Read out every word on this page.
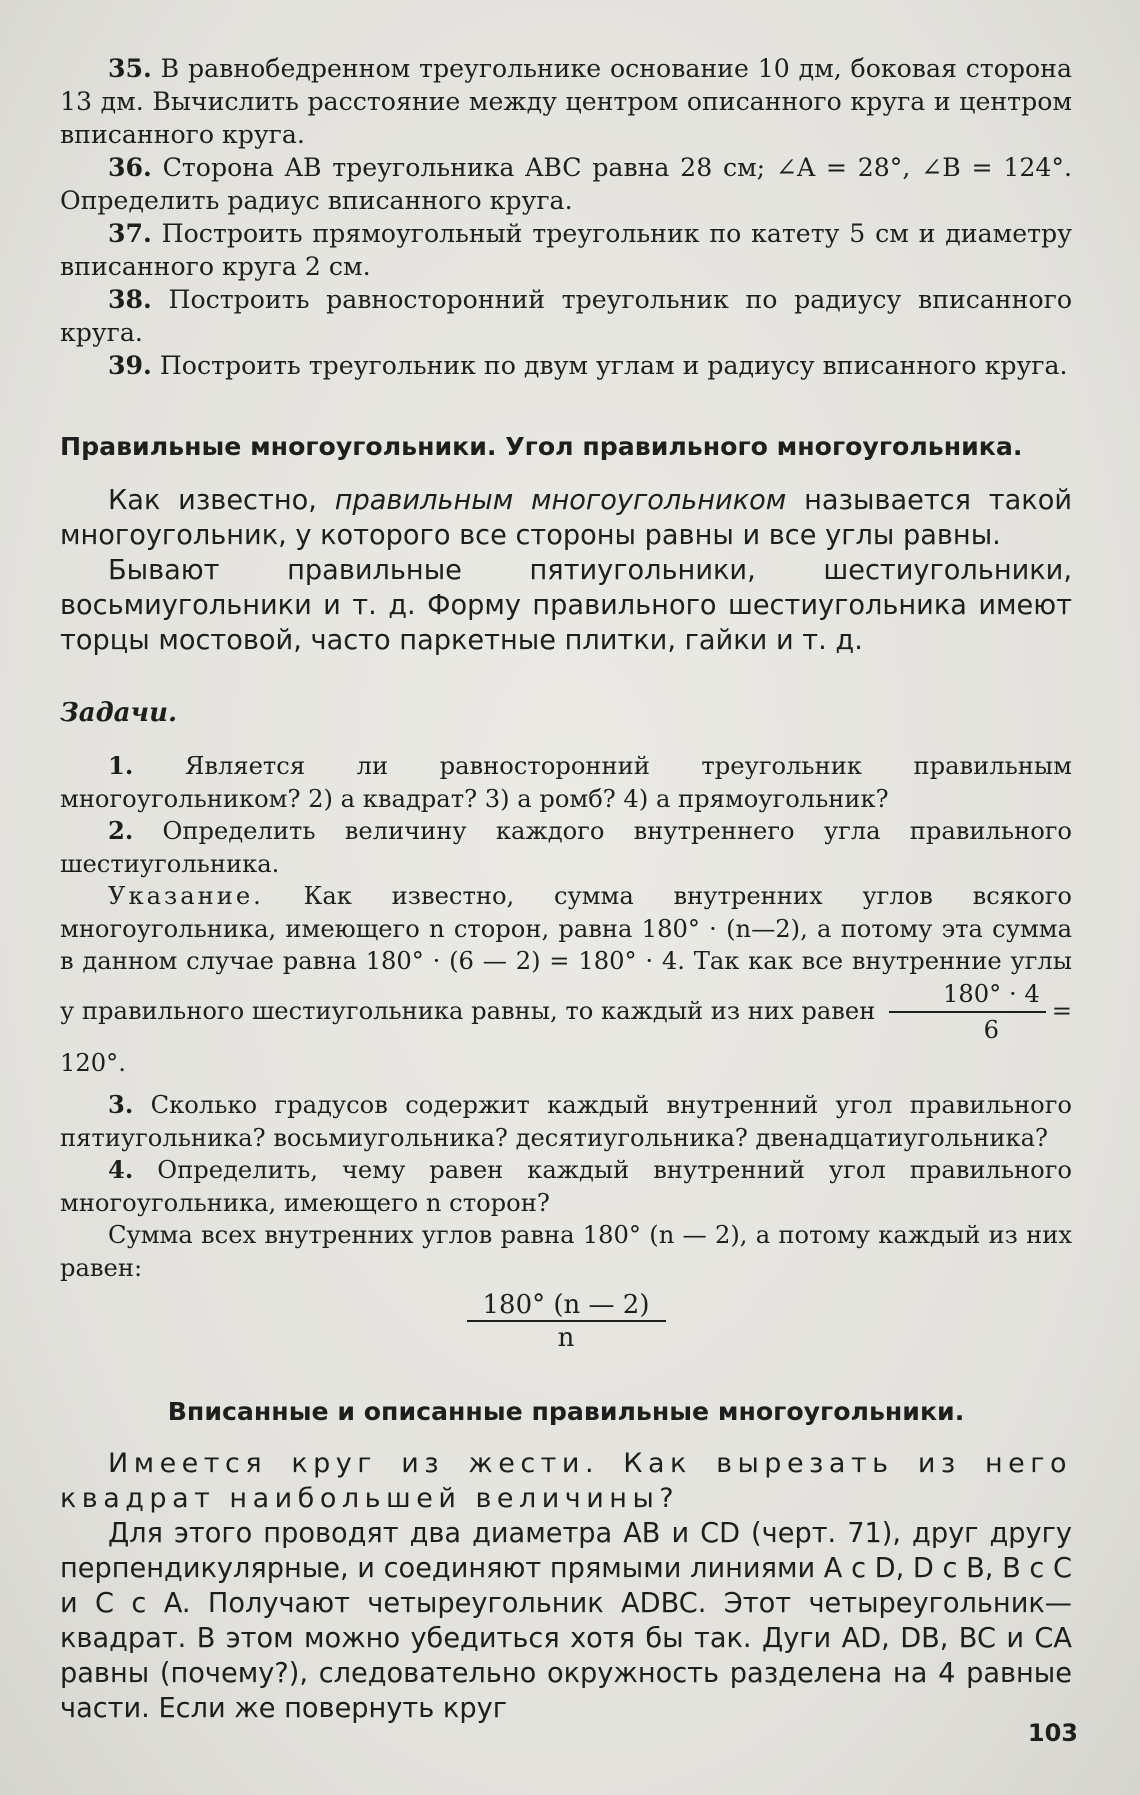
35. В равнобедренном треугольнике основание 10 дм, боковая сторона 13 дм. Вычислить расстояние между центром описанного круга и центром вписанного круга.

36. Сторона AB треугольника ABC равна 28 см; ∠A = 28°, ∠B = 124°. Определить радиус вписанного круга.

37. Построить прямоугольный треугольник по катету 5 см и диаметру вписанного круга 2 см.

38. Построить равносторонний треугольник по радиусу вписанного круга.

39. Построить треугольник по двум углам и радиусу вписанного круга.

Правильные многоугольники. Угол правильного многоугольника.

Как известно, правильным многоугольником называется такой многоугольник, у которого все стороны равны и все углы равны.

Бывают правильные пятиугольники, шестиугольники, восьмиугольники и т. д. Форму правильного шестиугольника имеют торцы мостовой, часто паркетные плитки, гайки и т. д.

Задачи.

1. Является ли равносторонний треугольник правильным многоугольником? 2) а квадрат? 3) а ромб? 4) а прямоугольник?

2. Определить величину каждого внутреннего угла правильного шестиугольника.

Указание. Как известно, сумма внутренних углов всякого многоугольника, имеющего n сторон, равна 180° · (n—2), а потому эта сумма в данном случае равна 180° · (6 — 2) = 180° · 4. Так как все внутренние углы у правильного шестиугольника равны, то каждый из них равен $\frac{180^\circ \cdot 4}{6} = 120^\circ$.

3. Сколько градусов содержит каждый внутренний угол правильного пятиугольника? восьмиугольника? десятиугольника? двенадцатиугольника?

4. Определить, чему равен каждый внутренний угол правильного многоугольника, имеющего n сторон?

Сумма всех внутренних углов равна 180° (n — 2), а потому каждый из них равен:

$\frac{180^\circ (n — 2)}{n}$
Вписанные и описанные правильные многоугольники.

Имеется круг из жести. Как вырезать из него квадрат наибольшей величины?

Для этого проводят два диаметра AB и CD (черт. 71), друг другу перпендикулярные, и соединяют прямыми линиями A с D, D с B, B с C и C с A. Получают четыреугольник ADBC. Этот четыреугольник—квадрат. В этом можно убедиться хотя бы так. Дуги AD, DB, BC и CA равны (почему?), следовательно окружность разделена на 4 равные части. Если же повернуть круг

103
